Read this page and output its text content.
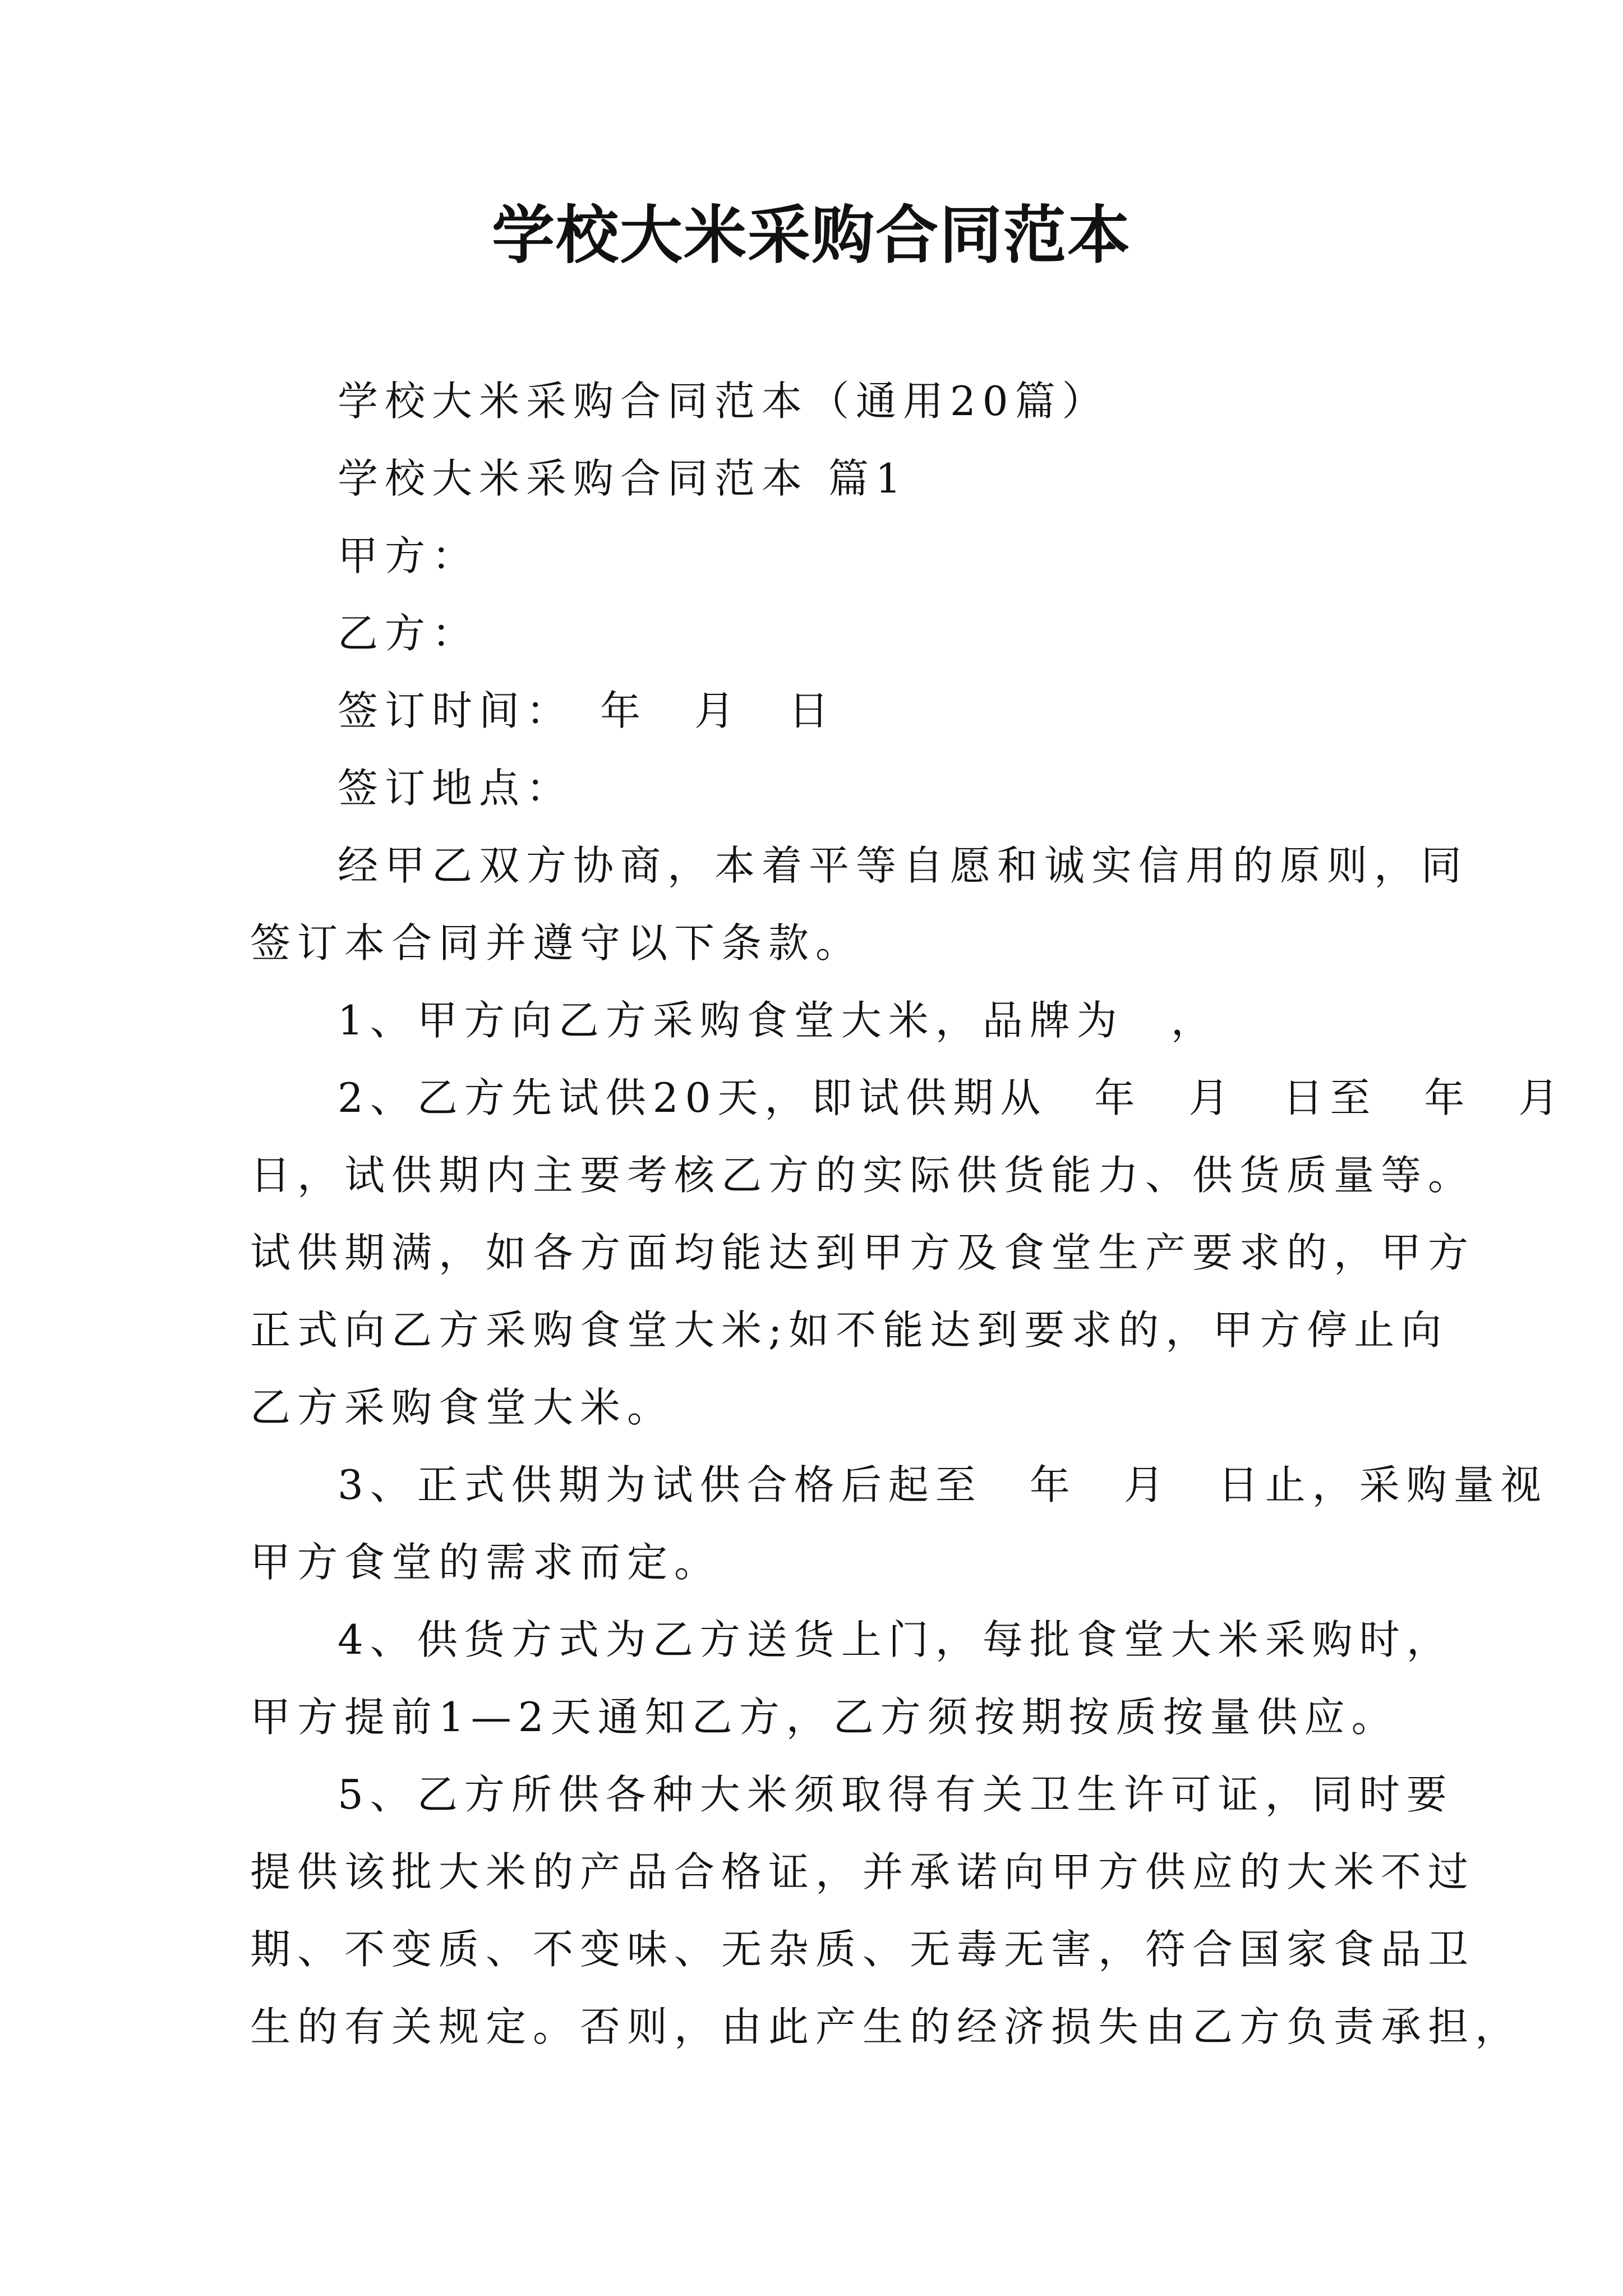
学校大米采购合同范本
学校大米采购合同范本（通用20篇）
学校大米采购合同范本 篇1
甲方：
乙方：
签订时间：　年　月　日
签订地点：
经甲乙双方协商，本着平等自愿和诚实信用的原则，同
签订本合同并遵守以下条款。
1、甲方向乙方采购食堂大米，品牌为　，
2、乙方先试供20天，即试供期从　年　月　日至　年　月
日，试供期内主要考核乙方的实际供货能力、供货质量等。
试供期满，如各方面均能达到甲方及食堂生产要求的，甲方
正式向乙方采购食堂大米;如不能达到要求的，甲方停止向
乙方采购食堂大米。
3、正式供期为试供合格后起至　年　月　日止，采购量视
甲方食堂的需求而定。
4、供货方式为乙方送货上门，每批食堂大米采购时，
甲方提前1—2天通知乙方，乙方须按期按质按量供应。
5、乙方所供各种大米须取得有关卫生许可证，同时要
提供该批大米的产品合格证，并承诺向甲方供应的大米不过
期、不变质、不变味、无杂质、无毒无害，符合国家食品卫
生的有关规定。否则，由此产生的经济损失由乙方负责承担，
